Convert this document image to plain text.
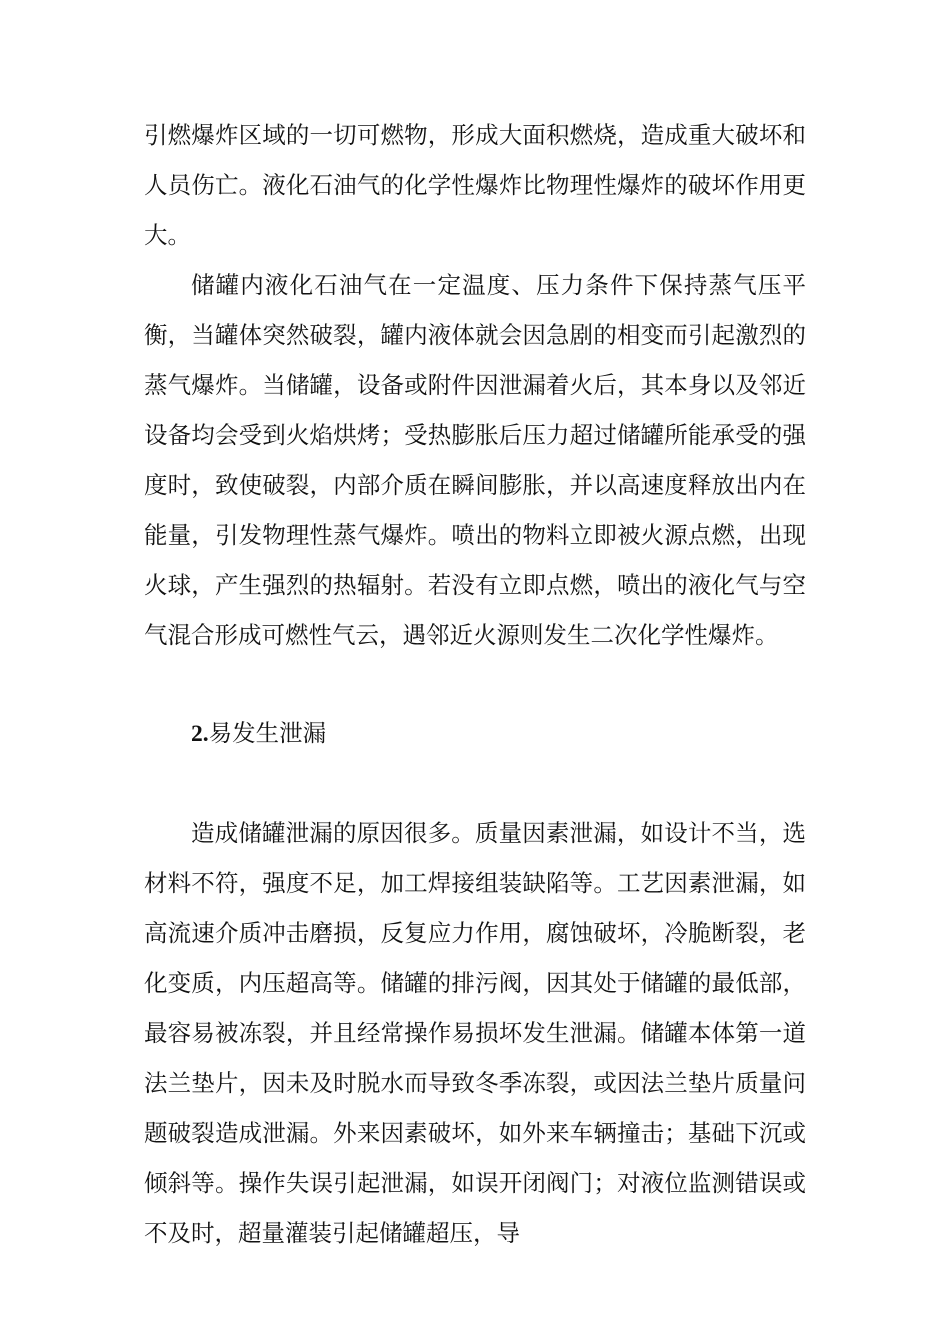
引燃爆炸区域的一切可燃物，形成大面积燃烧，造成重大破坏和人员伤亡。液化石油气的化学性爆炸比物理性爆炸的破坏作用更大。

储罐内液化石油气在一定温度、压力条件下保持蒸气压平衡，当罐体突然破裂，罐内液体就会因急剧的相变而引起激烈的蒸气爆炸。当储罐，设备或附件因泄漏着火后，其本身以及邻近设备均会受到火焰烘烤；受热膨胀后压力超过储罐所能承受的强度时，致使破裂，内部介质在瞬间膨胀，并以高速度释放出内在能量，引发物理性蒸气爆炸。喷出的物料立即被火源点燃，出现火球，产生强烈的热辐射。若没有立即点燃，喷出的液化气与空气混合形成可燃性气云，遇邻近火源则发生二次化学性爆炸。

2.易发生泄漏

造成储罐泄漏的原因很多。质量因素泄漏，如设计不当，选材料不符，强度不足，加工焊接组装缺陷等。工艺因素泄漏，如高流速介质冲击磨损，反复应力作用，腐蚀破坏，冷脆断裂，老化变质，内压超高等。储罐的排污阀，因其处于储罐的最低部，最容易被冻裂，并且经常操作易损坏发生泄漏。储罐本体第一道法兰垫片，因未及时脱水而导致冬季冻裂，或因法兰垫片质量问题破裂造成泄漏。外来因素破坏，如外来车辆撞击；基础下沉或倾斜等。操作失误引起泄漏，如误开闭阀门；对液位监测错误或不及时，超量灌装引起储罐超压，导
